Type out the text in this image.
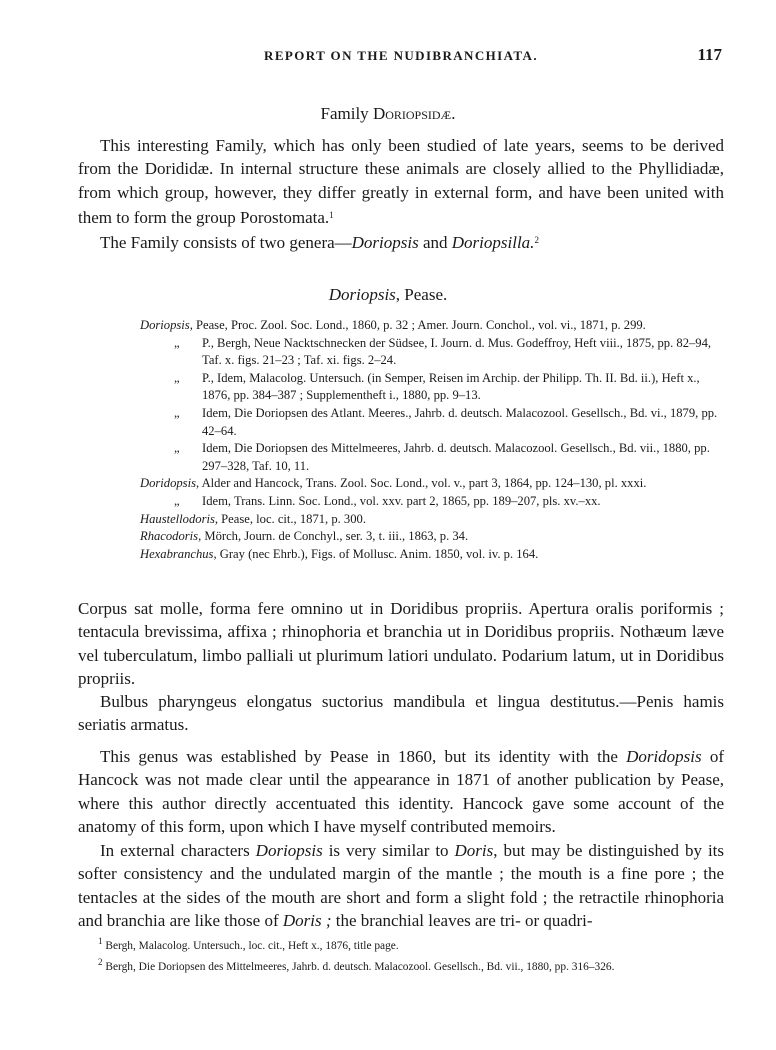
REPORT ON THE NUDIBRANCHIATA.	117
Family Doriopsidæ.
This interesting Family, which has only been studied of late years, seems to be derived from the Dorididæ. In internal structure these animals are closely allied to the Phyllidiadæ, from which group, however, they differ greatly in external form, and have been united with them to form the group Porostomata.$^1$
The Family consists of two genera—Doriopsis and Doriopsilla.$^2$
Doriopsis, Pease.
Doriopsis, Pease, Proc. Zool. Soc. Lond., 1860, p. 32 ; Amer. Journ. Conchol., vol. vi., 1871, p. 299.
„ P., Bergh, Neue Nacktschnecken der Südsee, I. Journ. d. Mus. Godeffroy, Heft viii., 1875, pp. 82–94, Taf. x. figs. 21–23 ; Taf. xi. figs. 2–24.
„ P., Idem, Malacolog. Untersuch. (in Semper, Reisen im Archip. der Philipp. Th. II. Bd. ii.), Heft x., 1876, pp. 384–387 ; Supplementheft i., 1880, pp. 9–13.
„ Idem, Die Doriopsen des Atlant. Meeres., Jahrb. d. deutsch. Malacozool. Gesellsch., Bd. vi., 1879, pp. 42–64.
„ Idem, Die Doriopsen des Mittelmeeres, Jahrb. d. deutsch. Malacozool. Gesellsch., Bd. vii., 1880, pp. 297–328, Taf. 10, 11.
Doridopsis, Alder and Hancock, Trans. Zool. Soc. Lond., vol. v., part 3, 1864, pp. 124–130, pl. xxxi.
„ Idem, Trans. Linn. Soc. Lond., vol. xxv. part 2, 1865, pp. 189–207, pls. xv.–xx.
Haustellodoris, Pease, loc. cit., 1871, p. 300.
Rhacodoris, Mörch, Journ. de Conchyl., ser. 3, t. iii., 1863, p. 34.
Hexabranchus, Gray (nec Ehrb.), Figs. of Mollusc. Anim. 1850, vol. iv. p. 164.
Corpus sat molle, forma fere omnino ut in Doridibus propriis. Apertura oralis poriformis ; tentacula brevissima, affixa ; rhinophoria et branchia ut in Doridibus propriis. Nothæum læve vel tuberculatum, limbo palliali ut plurimum latiori undulato. Podarium latum, ut in Doridibus propriis.
Bulbus pharyngeus elongatus suctorius mandibula et lingua destitutus.—Penis hamis seriatis armatus.
This genus was established by Pease in 1860, but its identity with the Doridopsis of Hancock was not made clear until the appearance in 1871 of another publication by Pease, where this author directly accentuated this identity. Hancock gave some account of the anatomy of this form, upon which I have myself contributed memoirs.
In external characters Doriopsis is very similar to Doris, but may be distinguished by its softer consistency and the undulated margin of the mantle ; the mouth is a fine pore ; the tentacles at the sides of the mouth are short and form a slight fold ; the retractile rhinophoria and branchia are like those of Doris ; the branchial leaves are tri- or quadri-
$^1$ Bergh, Malacolog. Untersuch., loc. cit., Heft x., 1876, title page.
$^2$ Bergh, Die Doriopsen des Mittelmeeres, Jahrb. d. deutsch. Malacozool. Gesellsch., Bd. vii., 1880, pp. 316–326.
